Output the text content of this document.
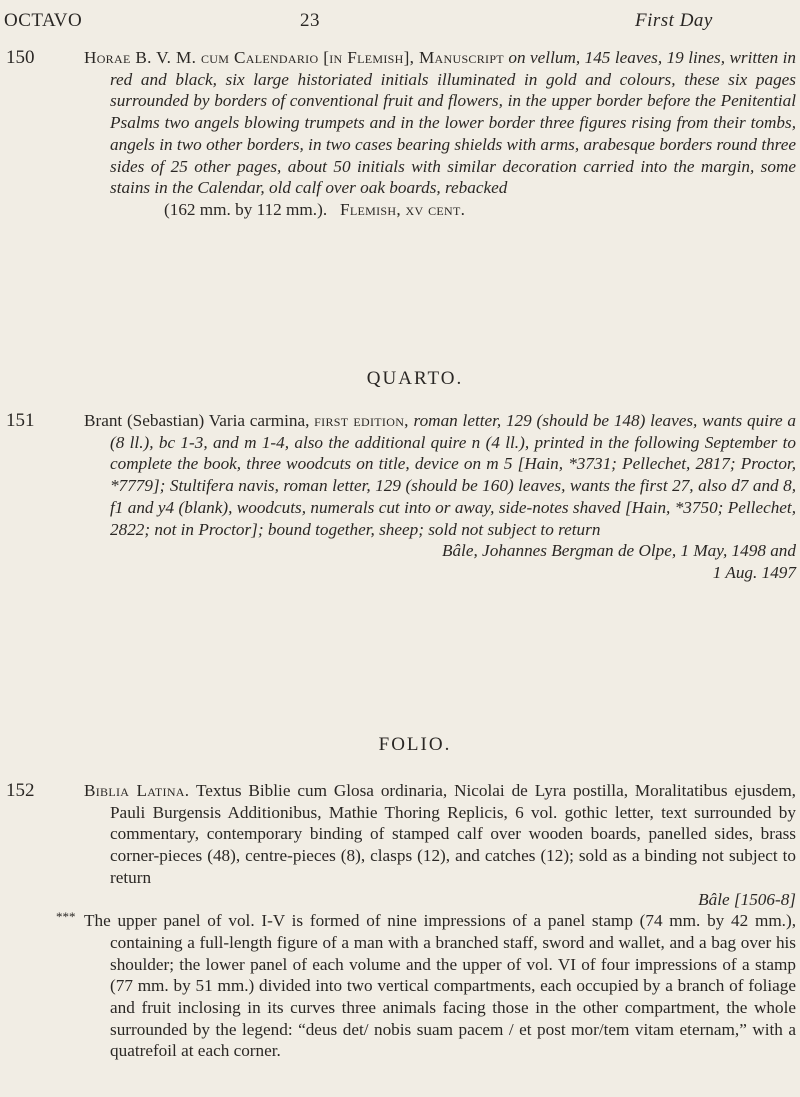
OCTAVO	23	First Day
150	Horae B. V. M. cum Calendario [in Flemish], Manuscript on vellum, 145 leaves, 19 lines, written in red and black, six large historiated initials illuminated in gold and colours, these six pages surrounded by borders of conventional fruit and flowers, in the upper border before the Penitential Psalms two angels blowing trumpets and in the lower border three figures rising from their tombs, angels in two other borders, in two cases bearing shields with arms, arabesque borders round three sides of 25 other pages, about 50 initials with similar decoration carried into the margin, some stains in the Calendar, old calf over oak boards, rebacked

(162 mm. by 112 mm.). Flemish, xv cent.

QUARTO.
151	Brant (Sebastian) Varia carmina, first edition, roman letter, 129 (should be 148) leaves, wants quire a (8 ll.), bc 1-3, and m 1-4, also the additional quire n (4 ll.), printed in the following September to complete the book, three woodcuts on title, device on m 5 [Hain, *3731; Pellechet, 2817; Proctor, *7779]; Stultifera navis, roman letter, 129 (should be 160) leaves, wants the first 27, also d7 and 8, f1 and y4 (blank), woodcuts, numerals cut into or away, side-notes shaved [Hain, *3750; Pellechet, 2822; not in Proctor]; bound together, sheep; sold not subject to return

Bâle, Johannes Bergman de Olpe, 1 May, 1498 and

1 Aug. 1497

FOLIO.
152	Biblia Latina. Textus Biblie cum Glosa ordinaria, Nicolai de Lyra postilla, Moralitatibus ejusdem, Pauli Burgensis Additionibus, Mathie Thoring Replicis, 6 vol. gothic letter, text surrounded by commentary, contemporary binding of stamped calf over wooden boards, panelled sides, brass corner-pieces (48), centre-pieces (8), clasps (12), and catches (12); sold as a binding not subject to return

Bâle [1506-8]

*** The upper panel of vol. I-V is formed of nine impressions of a panel stamp (74 mm. by 42 mm.), containing a full-length figure of a man with a branched staff, sword and wallet, and a bag over his shoulder; the lower panel of each volume and the upper of vol. VI of four impressions of a stamp (77 mm. by 51 mm.) divided into two vertical compartments, each occupied by a branch of foliage and fruit inclosing in its curves three animals facing those in the other compartment, the whole surrounded by the legend: “deus det/ nobis suam pacem / et post mor/tem vitam eternam,” with a quatrefoil at each corner.
